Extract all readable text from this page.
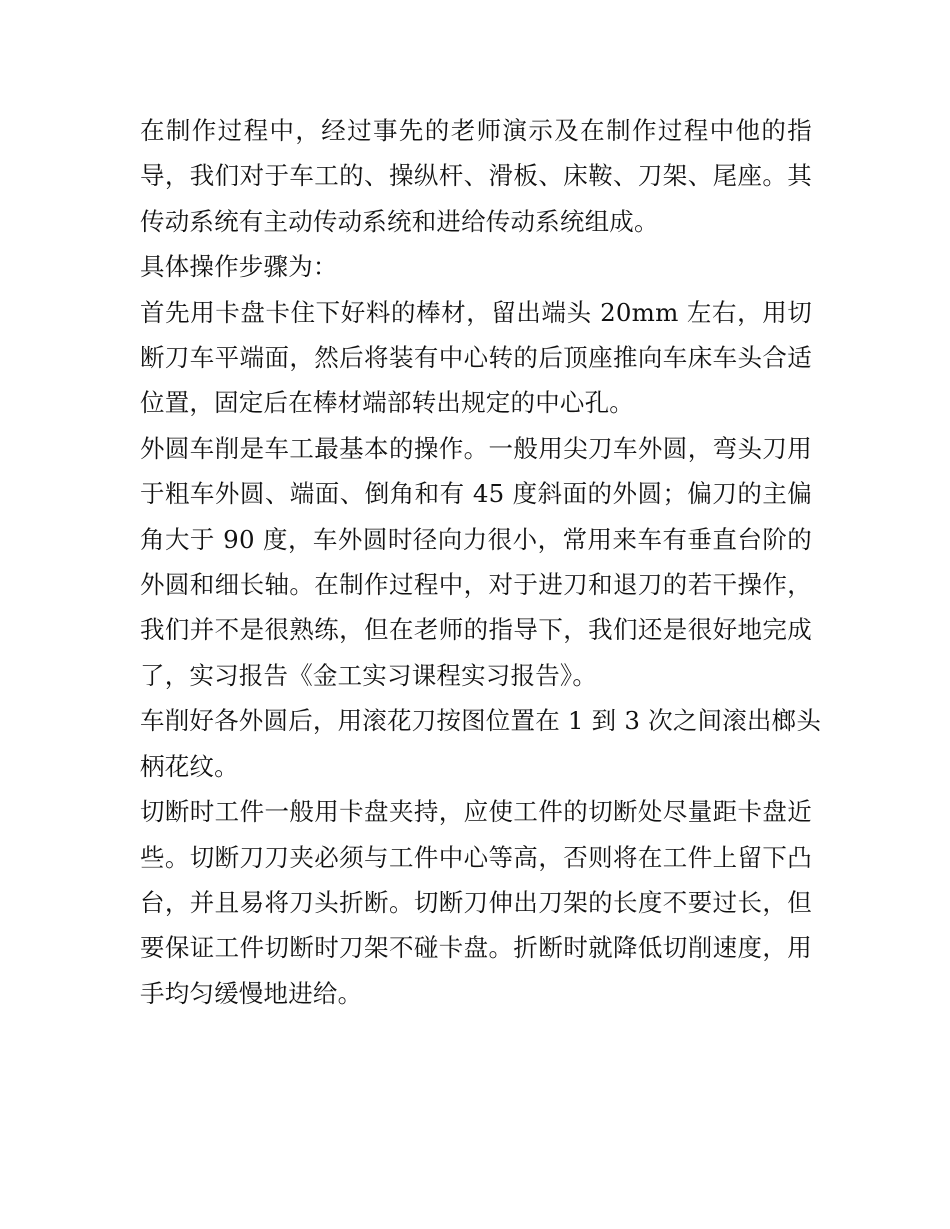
在制作过程中，经过事先的老师演示及在制作过程中他的指
导，我们对于车工的、操纵杆、滑板、床鞍、刀架、尾座。其
传动系统有主动传动系统和进给传动系统组成。

具体操作步骤为：

首先用卡盘卡住下好料的棒材，留出端头 20mm 左右，用切
断刀车平端面，然后将装有中心转的后顶座推向车床车头合适
位置，固定后在棒材端部转出规定的中心孔。

外圆车削是车工最基本的操作。一般用尖刀车外圆，弯头刀用
于粗车外圆、端面、倒角和有 45 度斜面的外圆；偏刀的主偏
角大于 90 度，车外圆时径向力很小，常用来车有垂直台阶的
外圆和细长轴。在制作过程中，对于进刀和退刀的若干操作，
我们并不是很熟练，但在老师的指导下，我们还是很好地完成
了，实习报告《金工实习课程实习报告》。

车削好各外圆后，用滚花刀按图位置在 1 到 3 次之间滚出榔头
柄花纹。

切断时工件一般用卡盘夹持，应使工件的切断处尽量距卡盘近
些。切断刀刀夹必须与工件中心等高，否则将在工件上留下凸
台，并且易将刀头折断。切断刀伸出刀架的长度不要过长，但
要保证工件切断时刀架不碰卡盘。折断时就降低切削速度，用
手均匀缓慢地进给。
